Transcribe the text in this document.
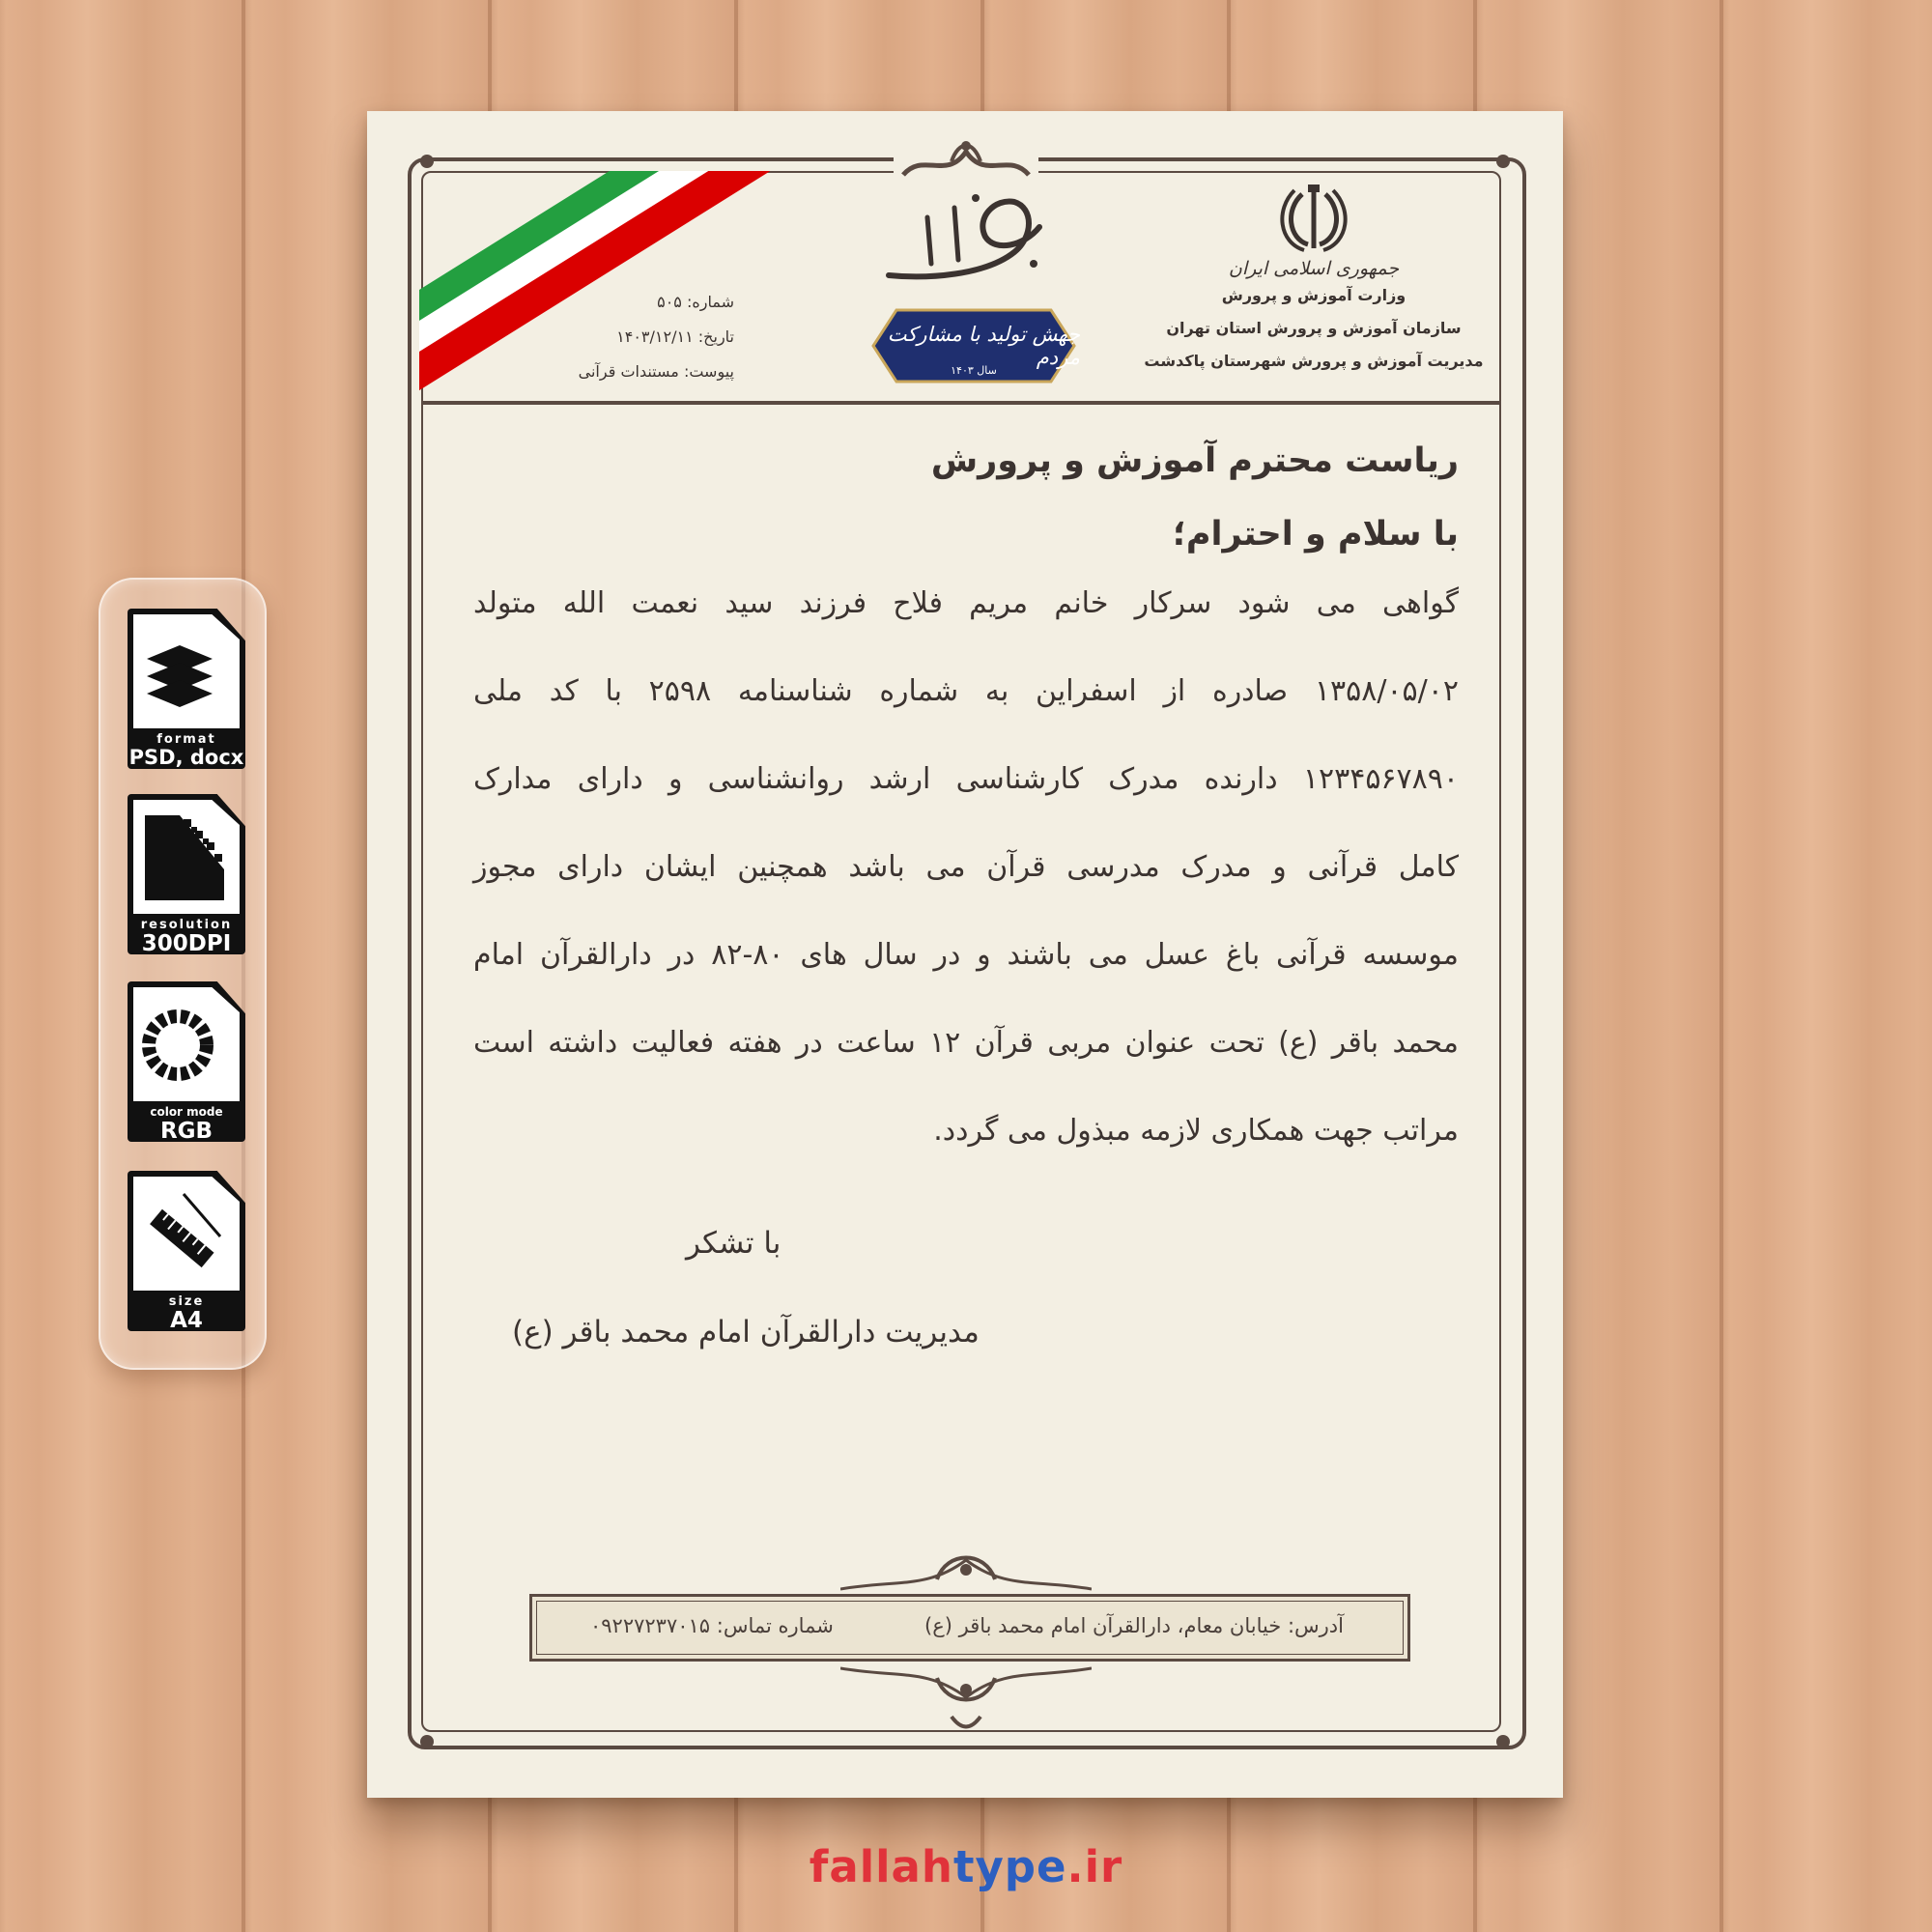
format
PSD, docx
resolution
300DPI
color mode
RGB
size
A4
جمهوری اسلامی ایران
وزارت آموزش و پرورش
سازمان آموزش و پرورش استان تهران
مدیریت آموزش و پرورش شهرستان پاکدشت
شماره: ۵۰۵
تاریخ: ۱۴۰۳/۱۲/۱۱
پیوست: مستندات قرآنی
جهش تولید با مشارکت مردم
سال ۱۴۰۳
ریاست محترم آموزش و پرورش
با سلام و احترام؛
گواهی می شود سرکار خانم مریم فلاح فرزند سید نعمت الله متولد
۱۳۵۸/۰۵/۰۲ صادره از اسفراین به شماره شناسنامه ۲۵۹۸ با کد ملی
۱۲۳۴۵۶۷۸۹۰ دارنده مدرک کارشناسی ارشد روانشناسی و دارای مدارک
کامل قرآنی و مدرک مدرسی قرآن می باشد همچنین ایشان دارای مجوز
موسسه قرآنی باغ عسل می باشند و در سال های ۸۰-۸۲ در دارالقرآن امام
محمد باقر (ع) تحت عنوان مربی قرآن ۱۲ ساعت در هفته فعالیت داشته است
مراتب جهت همکاری لازمه مبذول می گردد.
با تشکر
مدیریت دارالقرآن امام محمد باقر (ع)
آدرس: خیابان معام، دارالقرآن امام محمد باقر (ع)
شماره تماس: ۰۹۲۲۷۲۳۷۰۱۵
fallahtype.ir
